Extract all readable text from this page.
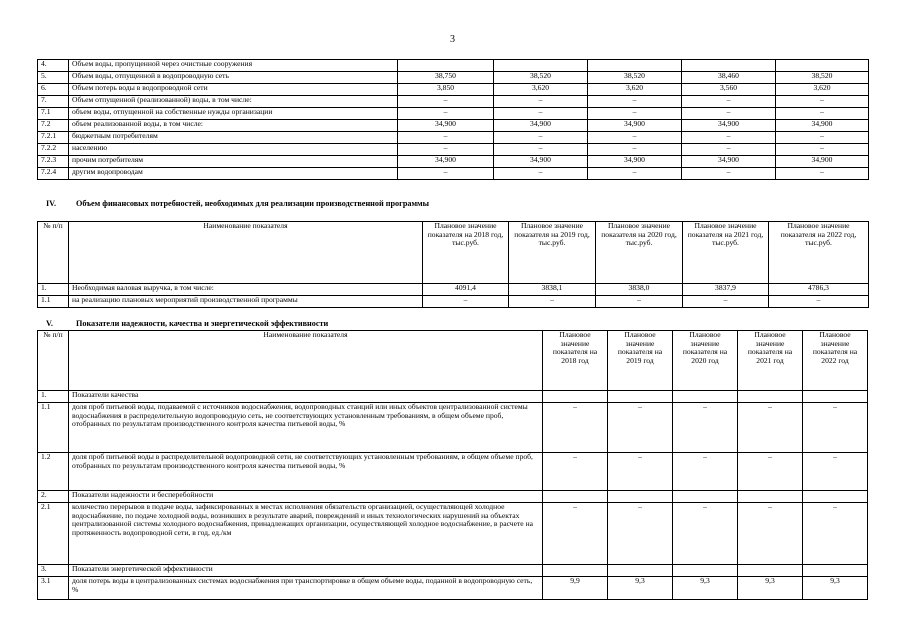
3
4.	Объем воды, пропущенной через очистные сооружения					
5.	Объем воды, отпущенной в водопроводную сеть	38,750	38,520	38,520	38,460	38,520
6.	Объем потерь воды в водопроводной сети	3,850	3,620	3,620	3,560	3,620
7.	Объем отпущенной (реализованной) воды, в том числе:	–	–	–	–	–
7.1	объем воды, отпущенной на собственные нужды организации	–	–	–	–	–
7.2	объем реализованной воды, в том числе:	34,900	34,900	34,900	34,900	34,900
7.2.1	бюджетным потребителям	–	–	–	–	–
7.2.2	населению	–	–	–	–	–
7.2.3	прочим потребителям	34,900	34,900	34,900	34,900	34,900
7.2.4	другим водопроводам	–	–	–	–	–
IV. Объем финансовых потребностей, необходимых для реализации производственной программы
№ п/п	Наименование показателя	Плановое значение показателя на 2018 год, тыс.руб.	Плановое значение показателя на 2019 год, тыс.руб.	Плановое значение показателя на 2020 год, тыс.руб.	Плановое значение показателя на 2021 год, тыс.руб.	Плановое значение показателя на 2022 год, тыс.руб.
1.	Необходимая валовая выручка, в том числе:	4091,4	3838,1	3838,0	3837,9	4786,3
1.1	на реализацию плановых мероприятий производственной программы	–	–	–	–	–
V.	Показатели надежности, качества и энергетической эффективности
№ п/п	Наименование показателя	Плановое значение показателя на 2018 год	Плановое значение показателя на 2019 год	Плановое значение показателя на 2020 год	Плановое значение показателя на 2021 год	Плановое значение показателя на 2022 год
1.	Показатели качества					
1.1	доля проб питьевой воды, подаваемой с источников водоснабжения, водопроводных станций или иных объектов централизованной системы водоснабжения в распределительную водопроводную сеть, не соответствующих установленным требованиям, в общем объеме проб, отобранных по результатам производственного контроля качества питьевой воды, %	–	–	–	–	–
1.2	доля проб питьевой воды в распределительной водопроводной сети, не соответствующих установленным требованиям, в общем объеме проб, отобранных по результатам производственного контроля качества питьевой воды, %	–	–	–	–	–
2.	Показатели надежности и бесперебойности					
2.1	количество перерывов в подаче воды, зафиксированных в местах исполнения обязательств организацией, осуществляющей холодное водоснабжение, по подаче холодной воды, возникших в результате аварий, повреждений и иных технологических нарушений на объектах централизованной системы холодного водоснабжения, принадлежащих организации, осуществляющей холодное водоснабжение, в расчете на протяженность водопроводной сети, в год, ед./км	–	–	–	–	–
3.	Показатели энергетической эффективности					
3.1	доля потерь воды в централизованных системах водоснабжения при транспортировке в общем объеме воды, поданной в водопроводную сеть, %	9,9	9,3	9,3	9,3	9,3
